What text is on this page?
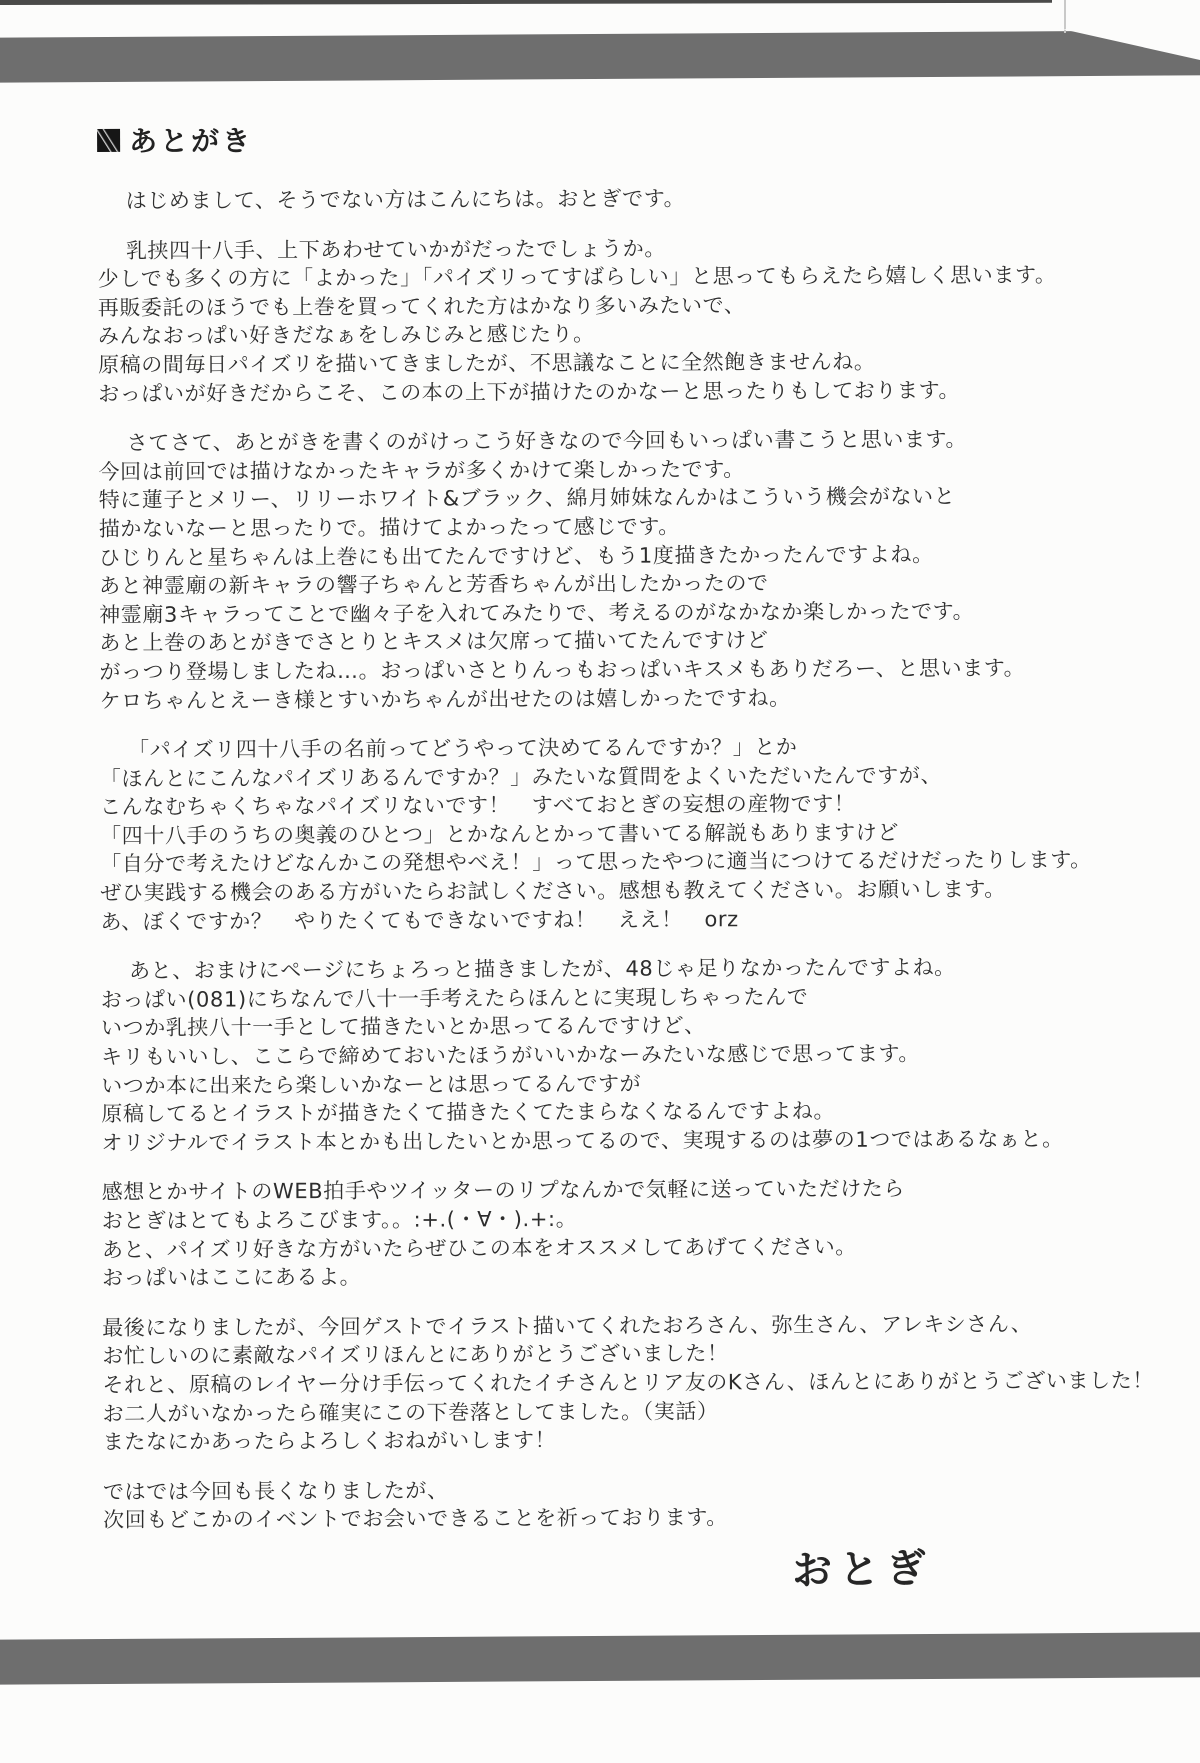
あとがき
はじめまして、そうでない方はこんにちは。おとぎです。
乳挟四十八手、上下あわせていかがだったでしょうか。
少しでも多くの方に「よかった」「パイズリってすばらしい」と思ってもらえたら嬉しく思います。
再販委託のほうでも上巻を買ってくれた方はかなり多いみたいで、
みんなおっぱい好きだなぁをしみじみと感じたり。
原稿の間毎日パイズリを描いてきましたが、不思議なことに全然飽きませんね。
おっぱいが好きだからこそ、この本の上下が描けたのかなーと思ったりもしております。
さてさて、あとがきを書くのがけっこう好きなので今回もいっぱい書こうと思います。
今回は前回では描けなかったキャラが多くかけて楽しかったです。
特に蓮子とメリー、リリーホワイト&ブラック、綿月姉妹なんかはこういう機会がないと
描かないなーと思ったりで。描けてよかったって感じです。
ひじりんと星ちゃんは上巻にも出てたんですけど、もう1度描きたかったんですよね。
あと神霊廟の新キャラの響子ちゃんと芳香ちゃんが出したかったので
神霊廟3キャラってことで幽々子を入れてみたりで、考えるのがなかなか楽しかったです。
あと上巻のあとがきでさとりとキスメは欠席って描いてたんですけど
がっつり登場しましたね…。おっぱいさとりんっもおっぱいキスメもありだろー、と思います。
ケロちゃんとえーき様とすいかちゃんが出せたのは嬉しかったですね。
「パイズリ四十八手の名前ってどうやって決めてるんですか？」とか
「ほんとにこんなパイズリあるんですか？」みたいな質問をよくいただいたんですが、
こんなむちゃくちゃなパイズリないです！　すべておとぎの妄想の産物です！
「四十八手のうちの奥義のひとつ」とかなんとかって書いてる解説もありますけど
「自分で考えたけどなんかこの発想やべえ！」って思ったやつに適当につけてるだけだったりします。
ぜひ実践する機会のある方がいたらお試しください。感想も教えてください。お願いします。
あ、ぼくですか？　やりたくてもできないですね！　ええ！　orz
あと、おまけにページにちょろっと描きましたが、48じゃ足りなかったんですよね。
おっぱい(081)にちなんで八十一手考えたらほんとに実現しちゃったんで
いつか乳挟八十一手として描きたいとか思ってるんですけど、
キリもいいし、ここらで締めておいたほうがいいかなーみたいな感じで思ってます。
いつか本に出来たら楽しいかなーとは思ってるんですが
原稿してるとイラストが描きたくて描きたくてたまらなくなるんですよね。
オリジナルでイラスト本とかも出したいとか思ってるので、実現するのは夢の1つではあるなぁと。
感想とかサイトのWEB拍手やツイッターのリプなんかで気軽に送っていただけたら
おとぎはとてもよろこびます。。:+.(・∀・).+:。
あと、パイズリ好きな方がいたらぜひこの本をオススメしてあげてください。
おっぱいはここにあるよ。
最後になりましたが、今回ゲストでイラスト描いてくれたおろさん、弥生さん、アレキシさん、
お忙しいのに素敵なパイズリほんとにありがとうございました！
それと、原稿のレイヤー分け手伝ってくれたイチさんとリア友のKさん、ほんとにありがとうございました！
お二人がいなかったら確実にこの下巻落としてました。（実話）
またなにかあったらよろしくおねがいします！
ではでは今回も長くなりましたが、
次回もどこかのイベントでお会いできることを祈っております。
おとぎ
